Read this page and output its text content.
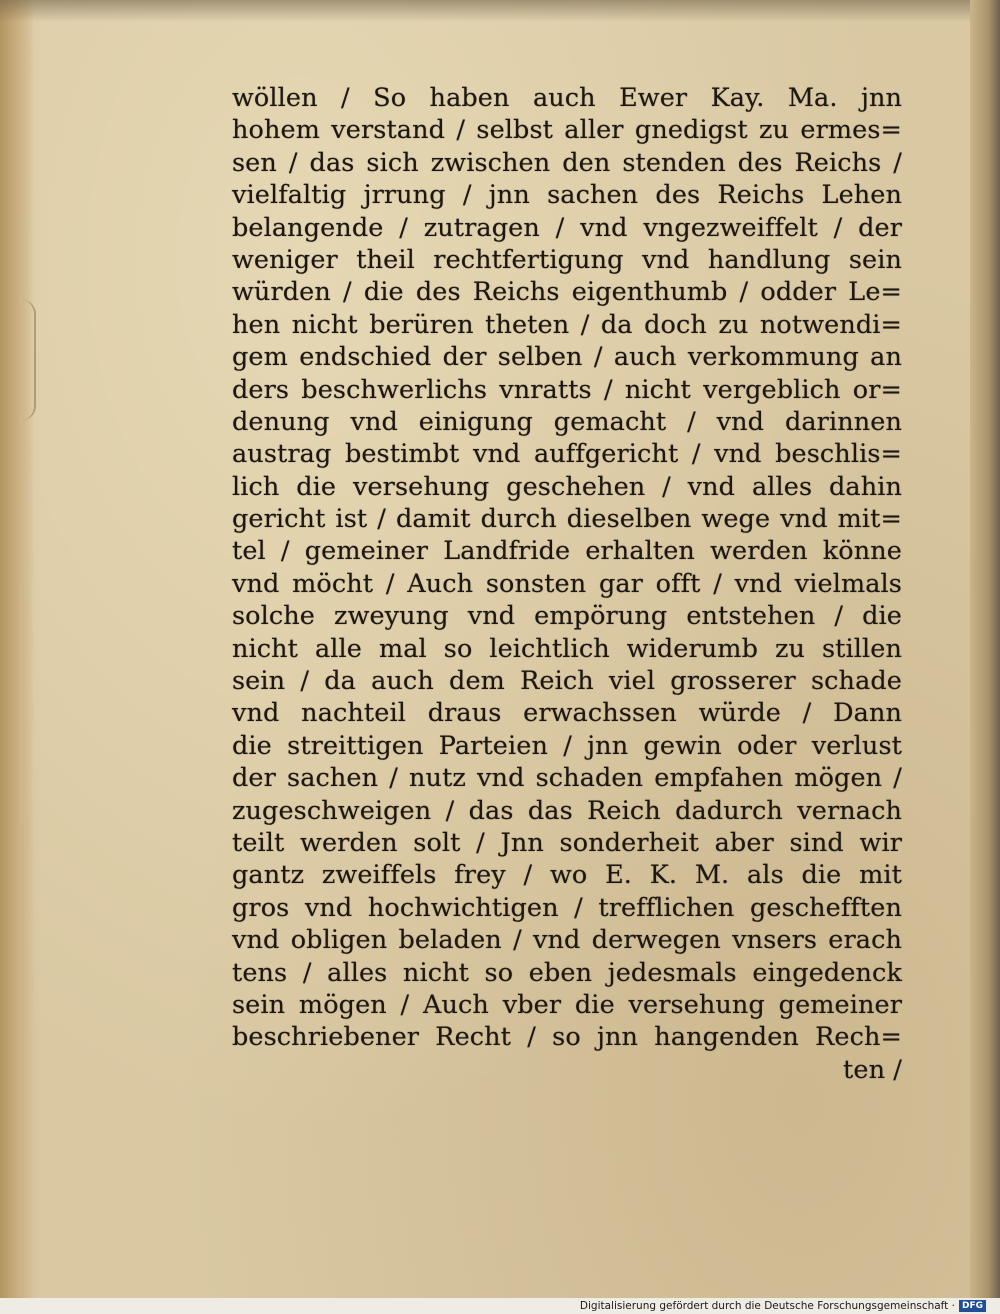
wöllen / So haben auch Ewer Kay. Ma. jnn
hohem verstand / selbst aller gnedigst zu ermes=
sen / das sich zwischen den stenden des Reichs /
vielfaltig jrrung / jnn sachen des Reichs Lehen
belangende / zutragen / vnd vngezweiffelt / der
weniger theil rechtfertigung vnd handlung sein
würden / die des Reichs eigenthumb / odder Le=
hen nicht berüren theten / da doch zu notwendi=
gem endschied der selben / auch verkommung an
ders beschwerlichs vnratts / nicht vergeblich or=
denung vnd einigung gemacht / vnd darinnen
austrag bestimbt vnd auffgericht / vnd beschlis=
lich die versehung geschehen / vnd alles dahin
gericht ist / damit durch dieselben wege vnd mit=
tel / gemeiner Landfride erhalten werden könne
vnd möcht / Auch sonsten gar offt / vnd vielmals
solche zweyung vnd empörung entstehen / die
nicht alle mal so leichtlich widerumb zu stillen
sein / da auch dem Reich viel grosserer schade
vnd nachteil draus erwachssen würde / Dann
die streittigen Parteien / jnn gewin oder verlust
der sachen / nutz vnd schaden empfahen mögen /
zugeschweigen / das das Reich dadurch vernach
teilt werden solt / Jnn sonderheit aber sind wir
gantz zweiffels frey / wo E. K. M. als die mit
gros vnd hochwichtigen / trefflichen geschefften
vnd obligen beladen / vnd derwegen vnsers erach
tens / alles nicht so eben jedesmals eingedenck
sein mögen / Auch vber die versehung gemeiner
beschriebener Recht / so jnn hangenden Rech=
ten /
Digitalisierung gefördert durch die Deutsche Forschungsgemeinschaft · DFG
